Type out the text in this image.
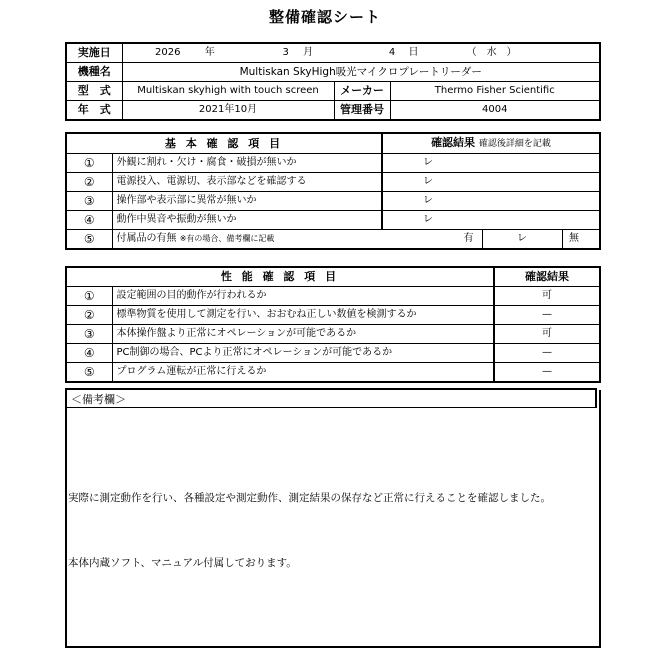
整備確認シート
実施日	2026 年 3 月 4 日 （　水　）		
機種名	Multiskan SkyHigh吸光マイクロプレートリーダー		
型　式	Multiskan skyhigh with touch screen	メーカー	Thermo Fisher Scientific
年　式	2021年10月	管理番号	4004
基 本 確 認 項 目		確認結果 確認後詳細を記載		
①	外観に割れ・欠け・腐食・破損が無いか	レ		
②	電源投入、電源切、表示部などを確認する	レ		
③	操作部や表示部に異常が無いか	レ		
④	動作中異音や振動が無いか	レ		
⑤	付属品の有無 ※有の場合、備考欄に記載 有		レ	無
性 能 確 認 項 目		確認結果
①	設定範囲の目的動作が行われるか	可
②	標準物質を使用して測定を行い、おおむね正しい数値を検測するか	—
③	本体操作盤より正常にオペレーションが可能であるか	可
④	PC制御の場合、PCより正常にオペレーションが可能であるか	—
⑤	プログラム運転が正常に行えるか	—
＜備考欄＞
実際に測定動作を行い、各種設定や測定動作、測定結果の保存など正常に行えることを確認しました。
本体内蔵ソフト、マニュアル付属しております。
